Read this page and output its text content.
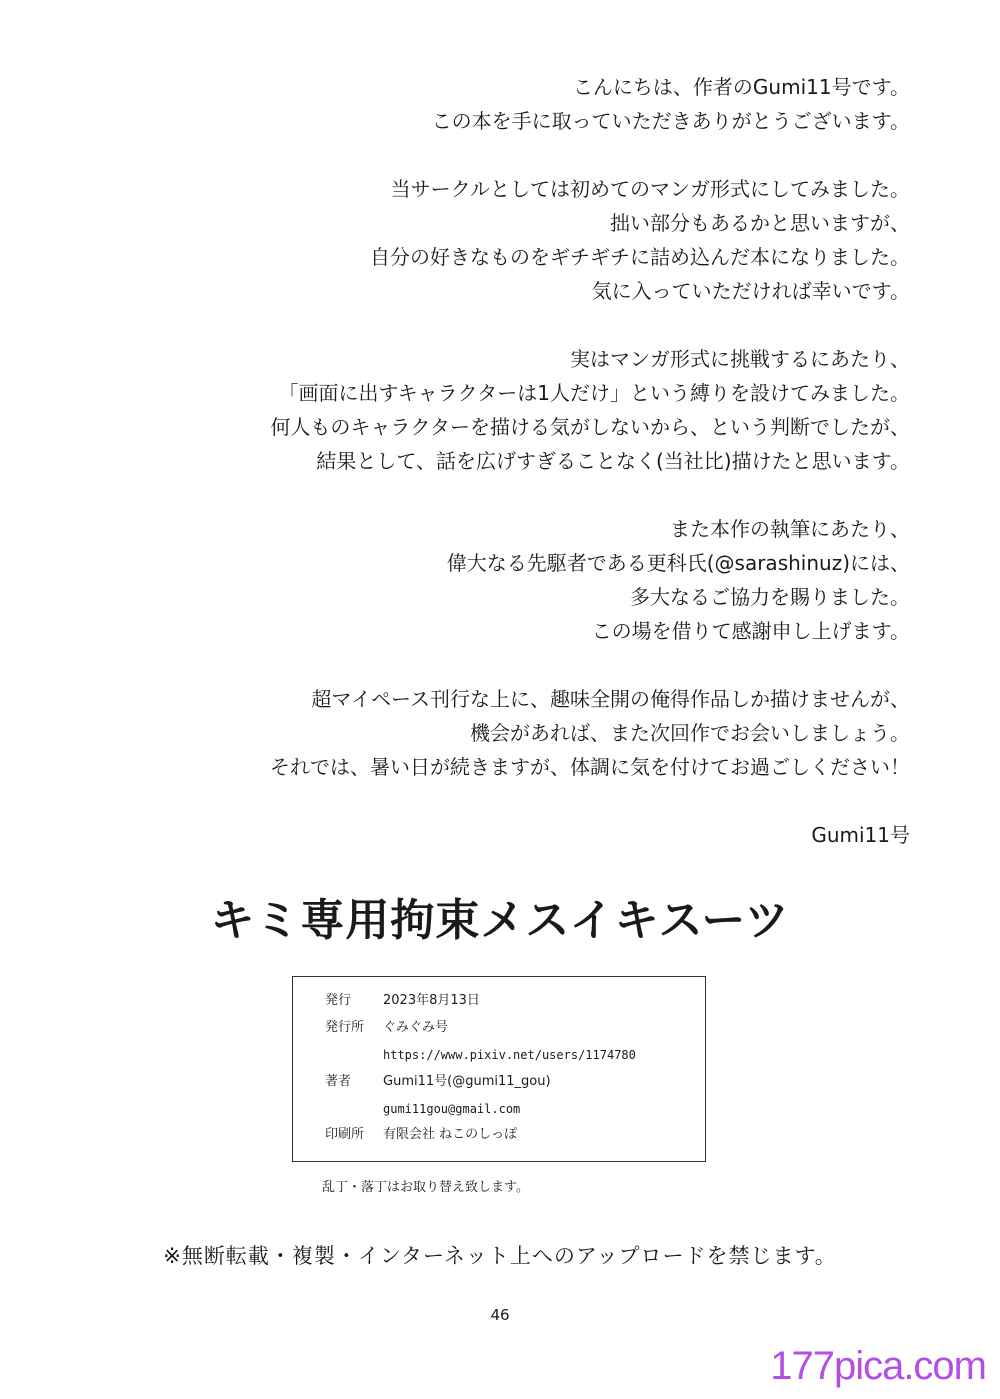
こんにちは、作者のGumi11号です。

この本を手に取っていただきありがとうございます。

当サークルとしては初めてのマンガ形式にしてみました。

拙い部分もあるかと思いますが、

自分の好きなものをギチギチに詰め込んだ本になりました。

気に入っていただければ幸いです。

実はマンガ形式に挑戦するにあたり、

「画面に出すキャラクターは1人だけ」という縛りを設けてみました。

何人ものキャラクターを描ける気がしないから、という判断でしたが、

結果として、話を広げすぎることなく(当社比)描けたと思います。

また本作の執筆にあたり、

偉大なる先駆者である更科氏(@sarashinuz)には、

多大なるご協力を賜りました。

この場を借りて感謝申し上げます。

超マイペース刊行な上に、趣味全開の俺得作品しか描けませんが、

機会があれば、また次回作でお会いしましょう。

それでは、暑い日が続きますが、体調に気を付けてお過ごしください！

Gumi11号

キミ専用拘束メスイキスーツ
発行 2023年8月13日
発行所 ぐみぐみ号
https://www.pixiv.net/users/1174780
著者 Gumi11号(@gumi11_gou)
gumi11gou@gmail.com
印刷所 有限会社 ねこのしっぽ
乱丁・落丁はお取り替え致します。
※無断転載・複製・インターネット上へのアップロードを禁じます。
46
177pica.com
